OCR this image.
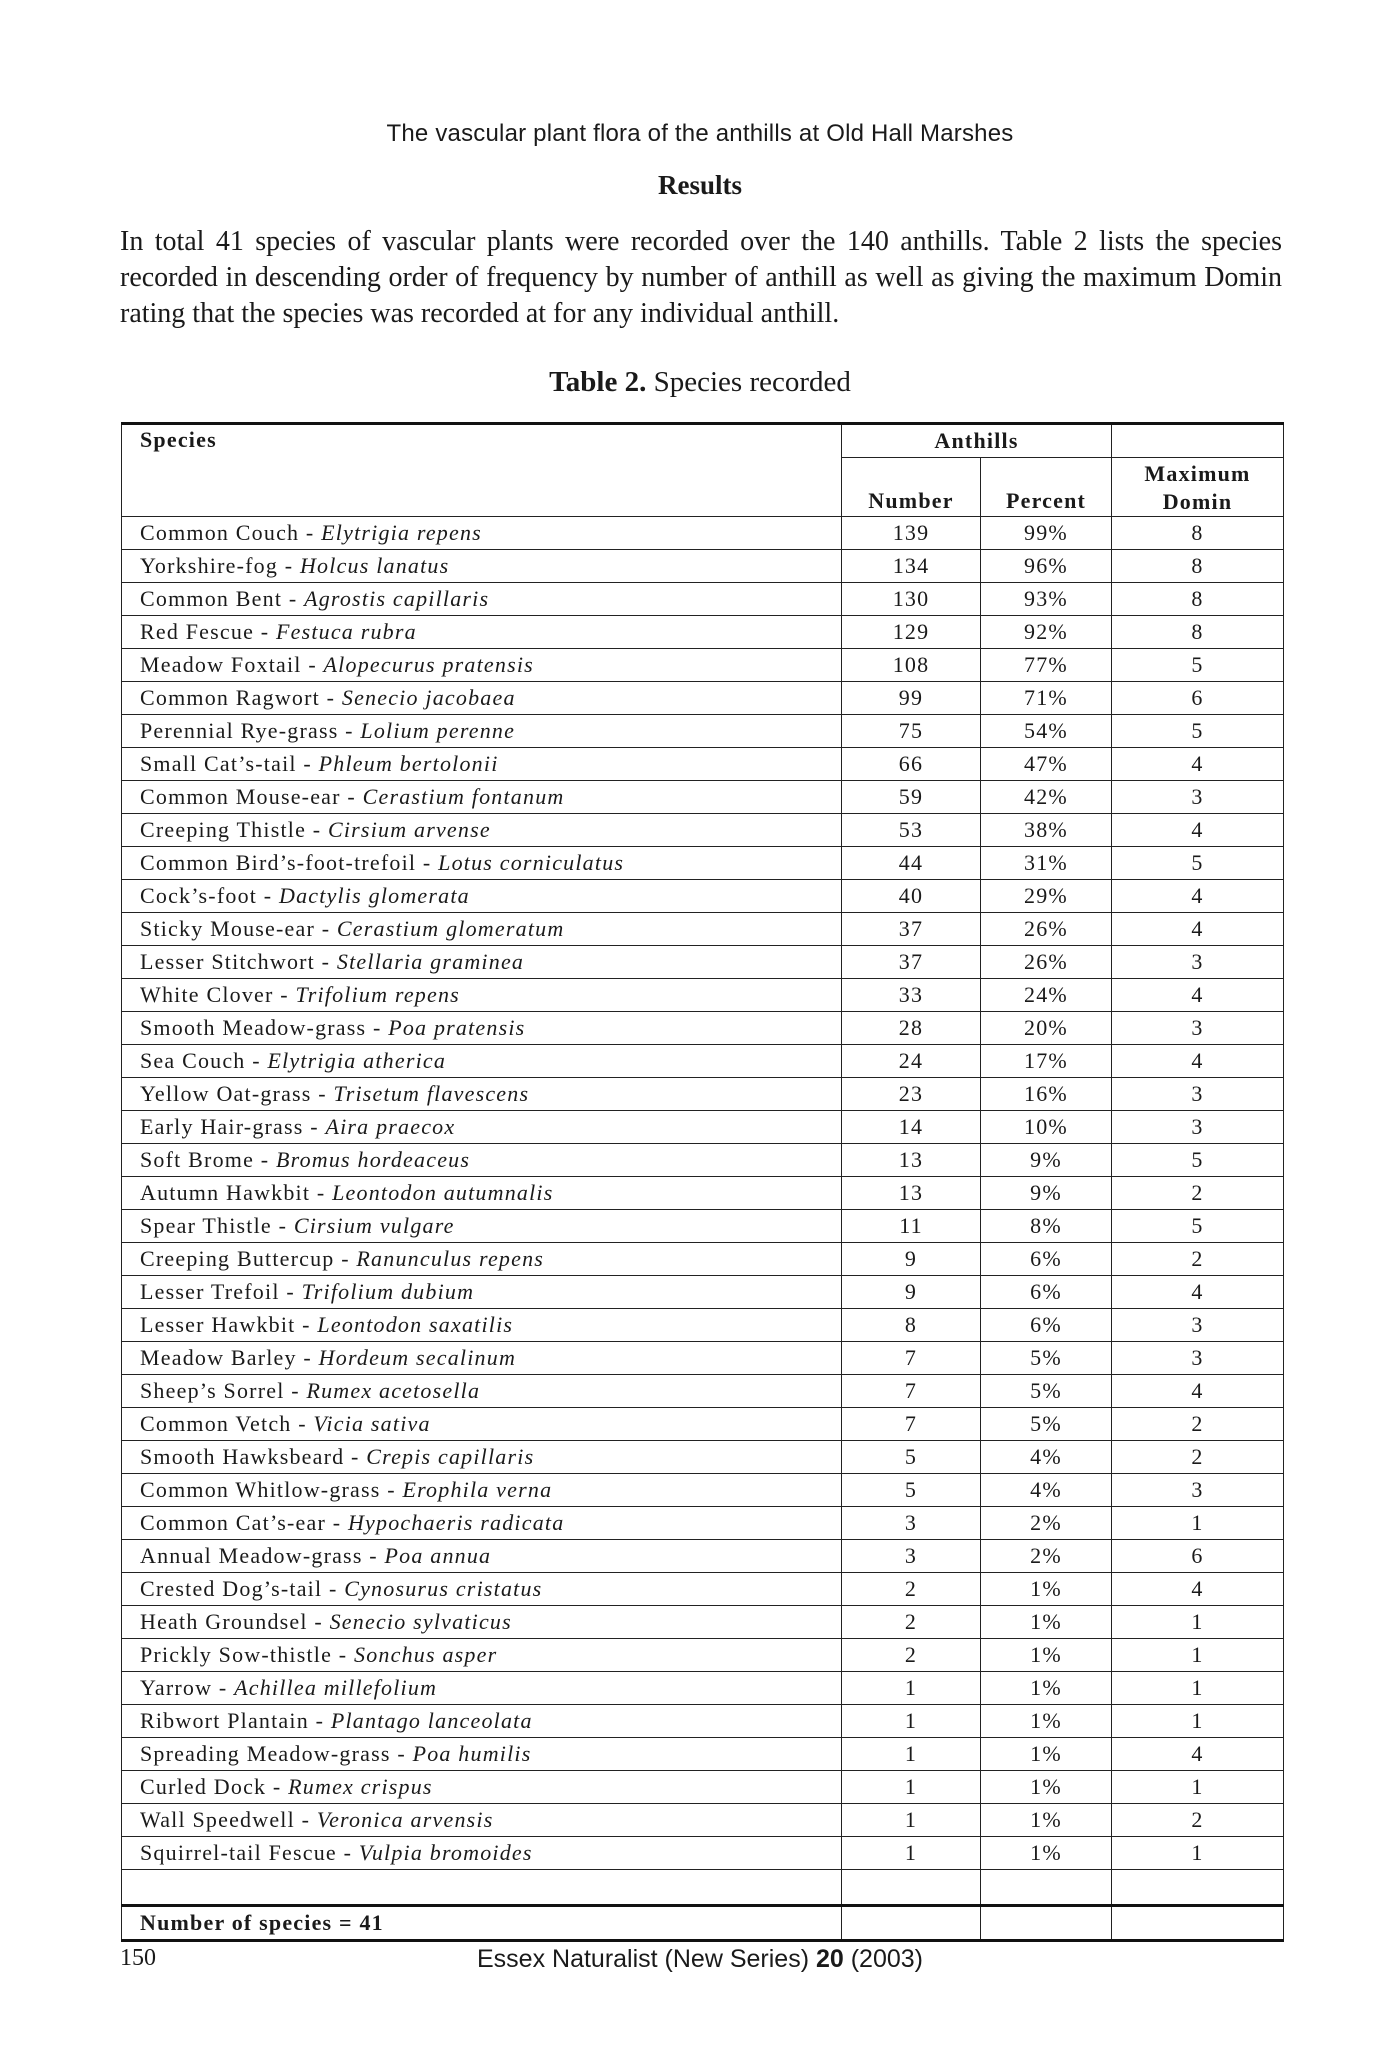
The vascular plant flora of the anthills at Old Hall Marshes
Results

In total 41 species of vascular plants were recorded over the 140 anthills. Table 2 lists the species recorded in descending order of frequency by number of anthill as well as giving the maximum Domin rating that the species was recorded at for any individual anthill.

Table 2. Species recorded
Species	Anthills		
	Number	Percent	Maximum
Domin
Common Couch - Elytrigia repens	139	99%	8
Yorkshire-fog - Holcus lanatus	134	96%	8
Common Bent - Agrostis capillaris	130	93%	8
Red Fescue - Festuca rubra	129	92%	8
Meadow Foxtail - Alopecurus pratensis	108	77%	5
Common Ragwort - Senecio jacobaea	99	71%	6
Perennial Rye-grass - Lolium perenne	75	54%	5
Small Cat’s-tail - Phleum bertolonii	66	47%	4
Common Mouse-ear - Cerastium fontanum	59	42%	3
Creeping Thistle - Cirsium arvense	53	38%	4
Common Bird’s-foot-trefoil - Lotus corniculatus	44	31%	5
Cock’s-foot - Dactylis glomerata	40	29%	4
Sticky Mouse-ear - Cerastium glomeratum	37	26%	4
Lesser Stitchwort - Stellaria graminea	37	26%	3
White Clover - Trifolium repens	33	24%	4
Smooth Meadow-grass - Poa pratensis	28	20%	3
Sea Couch - Elytrigia atherica	24	17%	4
Yellow Oat-grass - Trisetum flavescens	23	16%	3
Early Hair-grass - Aira praecox	14	10%	3
Soft Brome - Bromus hordeaceus	13	9%	5
Autumn Hawkbit - Leontodon autumnalis	13	9%	2
Spear Thistle - Cirsium vulgare	11	8%	5
Creeping Buttercup - Ranunculus repens	9	6%	2
Lesser Trefoil - Trifolium dubium	9	6%	4
Lesser Hawkbit - Leontodon saxatilis	8	6%	3
Meadow Barley - Hordeum secalinum	7	5%	3
Sheep’s Sorrel - Rumex acetosella	7	5%	4
Common Vetch - Vicia sativa	7	5%	2
Smooth Hawksbeard - Crepis capillaris	5	4%	2
Common Whitlow-grass - Erophila verna	5	4%	3
Common Cat’s-ear - Hypochaeris radicata	3	2%	1
Annual Meadow-grass - Poa annua	3	2%	6
Crested Dog’s-tail - Cynosurus cristatus	2	1%	4
Heath Groundsel - Senecio sylvaticus	2	1%	1
Prickly Sow-thistle - Sonchus asper	2	1%	1
Yarrow - Achillea millefolium	1	1%	1
Ribwort Plantain - Plantago lanceolata	1	1%	1
Spreading Meadow-grass - Poa humilis	1	1%	4
Curled Dock - Rumex crispus	1	1%	1
Wall Speedwell - Veronica arvensis	1	1%	2
Squirrel-tail Fescue - Vulpia bromoides	1	1%	1

Number of species = 41			
150	Essex Naturalist (New Series) 20 (2003)
